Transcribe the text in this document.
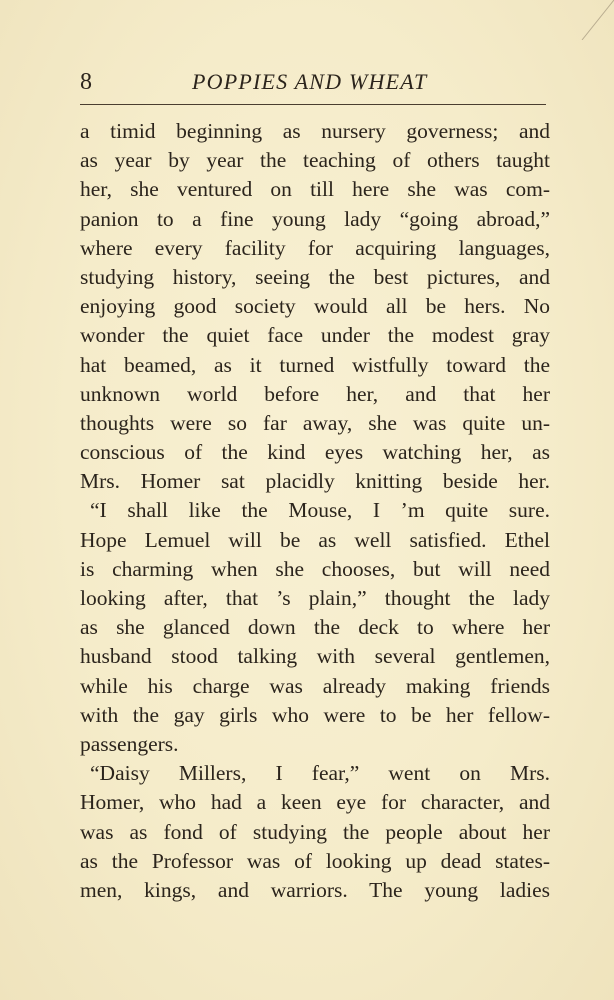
8	POPPIES AND WHEAT
a timid beginning as nursery governess; and
as year by year the teaching of others taught
her, she ventured on till here she was com-
panion to a fine young lady “going abroad,”
where every facility for acquiring languages,
studying history, seeing the best pictures, and
enjoying good society would all be hers. No
wonder the quiet face under the modest gray
hat beamed, as it turned wistfully toward the
unknown world before her, and that her
thoughts were so far away, she was quite un-
conscious of the kind eyes watching her, as
Mrs. Homer sat placidly knitting beside her.
“I shall like the Mouse, I ’m quite sure.
Hope Lemuel will be as well satisfied. Ethel
is charming when she chooses, but will need
looking after, that ’s plain,” thought the lady
as she glanced down the deck to where her
husband stood talking with several gentlemen,
while his charge was already making friends
with the gay girls who were to be her fellow-
passengers.
“Daisy Millers, I fear,” went on Mrs.
Homer, who had a keen eye for character, and
was as fond of studying the people about her
as the Professor was of looking up dead states-
men, kings, and warriors. The young ladies
